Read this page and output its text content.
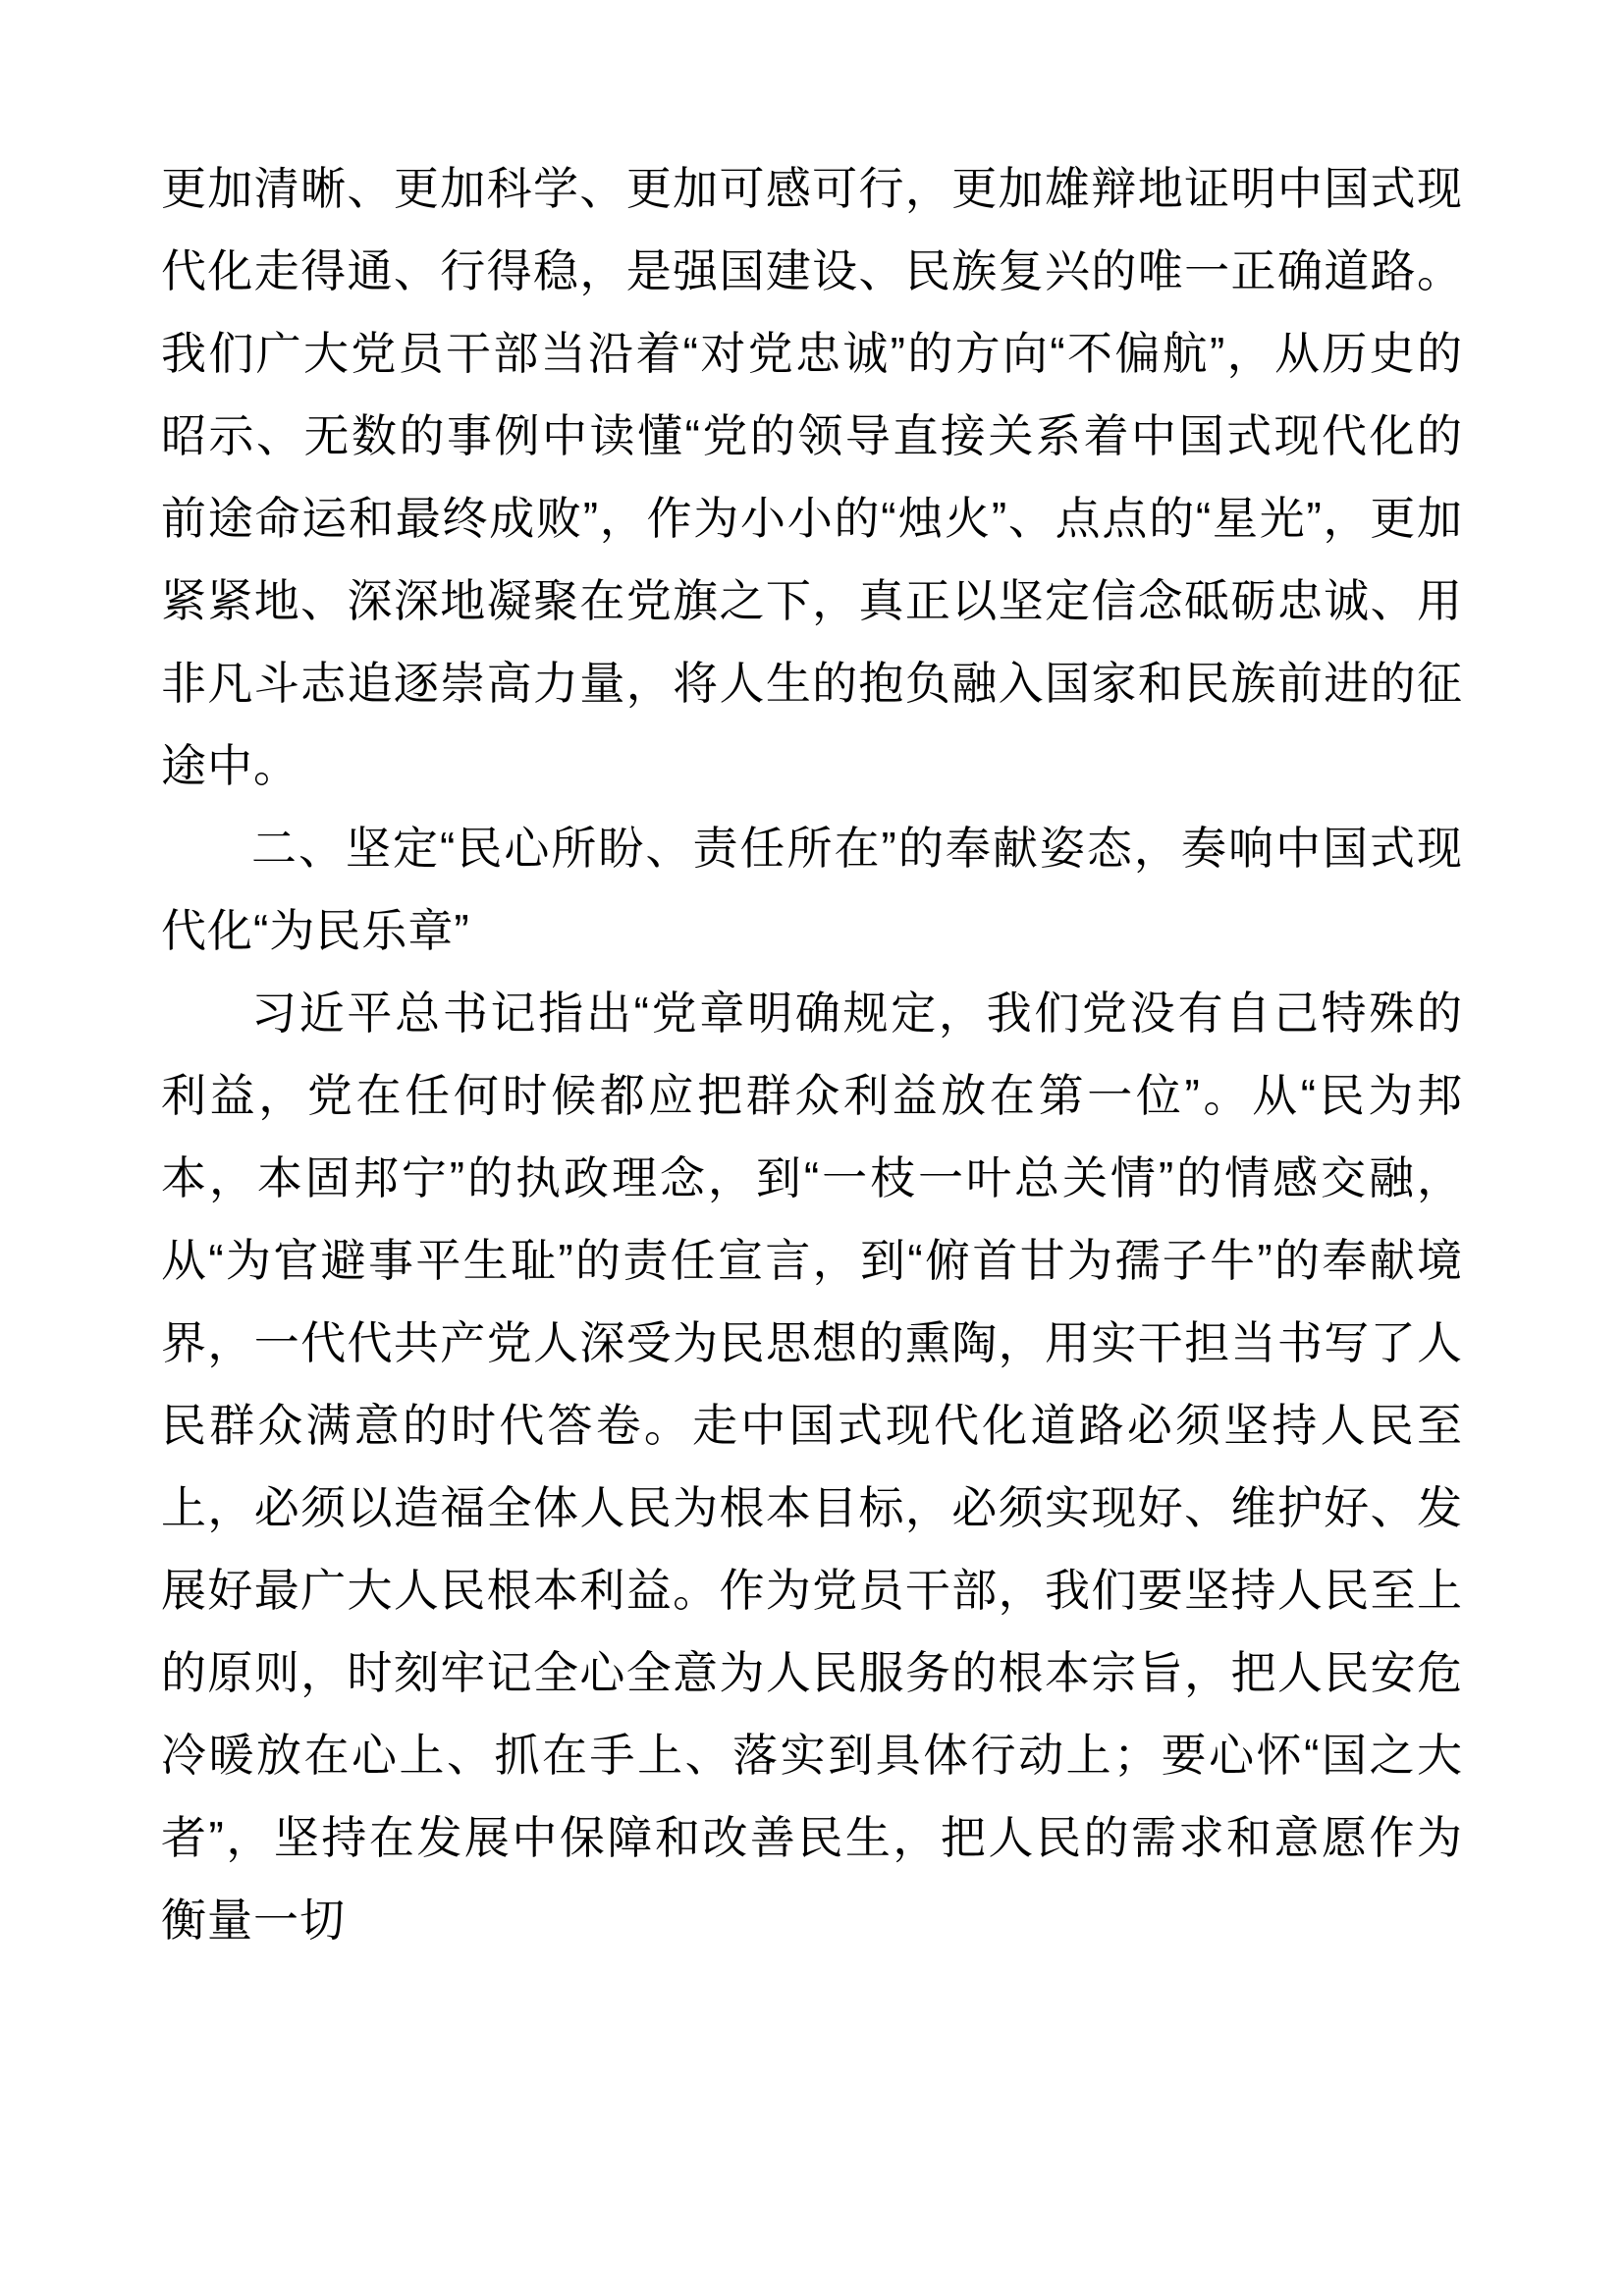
更加清晰、更加科学、更加可感可行，更加雄辩地证明中国式现代化走得通、行得稳，是强国建设、民族复兴的唯一正确道路。我们广大党员干部当沿着“对党忠诚”的方向“不偏航”，从历史的昭示、无数的事例中读懂“党的领导直接关系着中国式现代化的前途命运和最终成败”，作为小小的“烛火”、点点的“星光”，更加紧紧地、深深地凝聚在党旗之下，真正以坚定信念砥砺忠诚、用非凡斗志追逐崇高力量，将人生的抱负融入国家和民族前进的征途中。

二、坚定“民心所盼、责任所在”的奉献姿态，奏响中国式现代化“为民乐章”

习近平总书记指出“党章明确规定，我们党没有自己特殊的利益，党在任何时候都应把群众利益放在第一位”。从“民为邦本，本固邦宁”的执政理念，到“一枝一叶总关情”的情感交融，从“为官避事平生耻”的责任宣言，到“俯首甘为孺子牛”的奉献境界，一代代共产党人深受为民思想的熏陶，用实干担当书写了人民群众满意的时代答卷。走中国式现代化道路必须坚持人民至上，必须以造福全体人民为根本目标，必须实现好、维护好、发展好最广大人民根本利益。作为党员干部，我们要坚持人民至上的原则，时刻牢记全心全意为人民服务的根本宗旨，把人民安危冷暖放在心上、抓在手上、落实到具体行动上；要心怀“国之大者”，坚持在发展中保障和改善民生，把人民的需求和意愿作为衡量一切
